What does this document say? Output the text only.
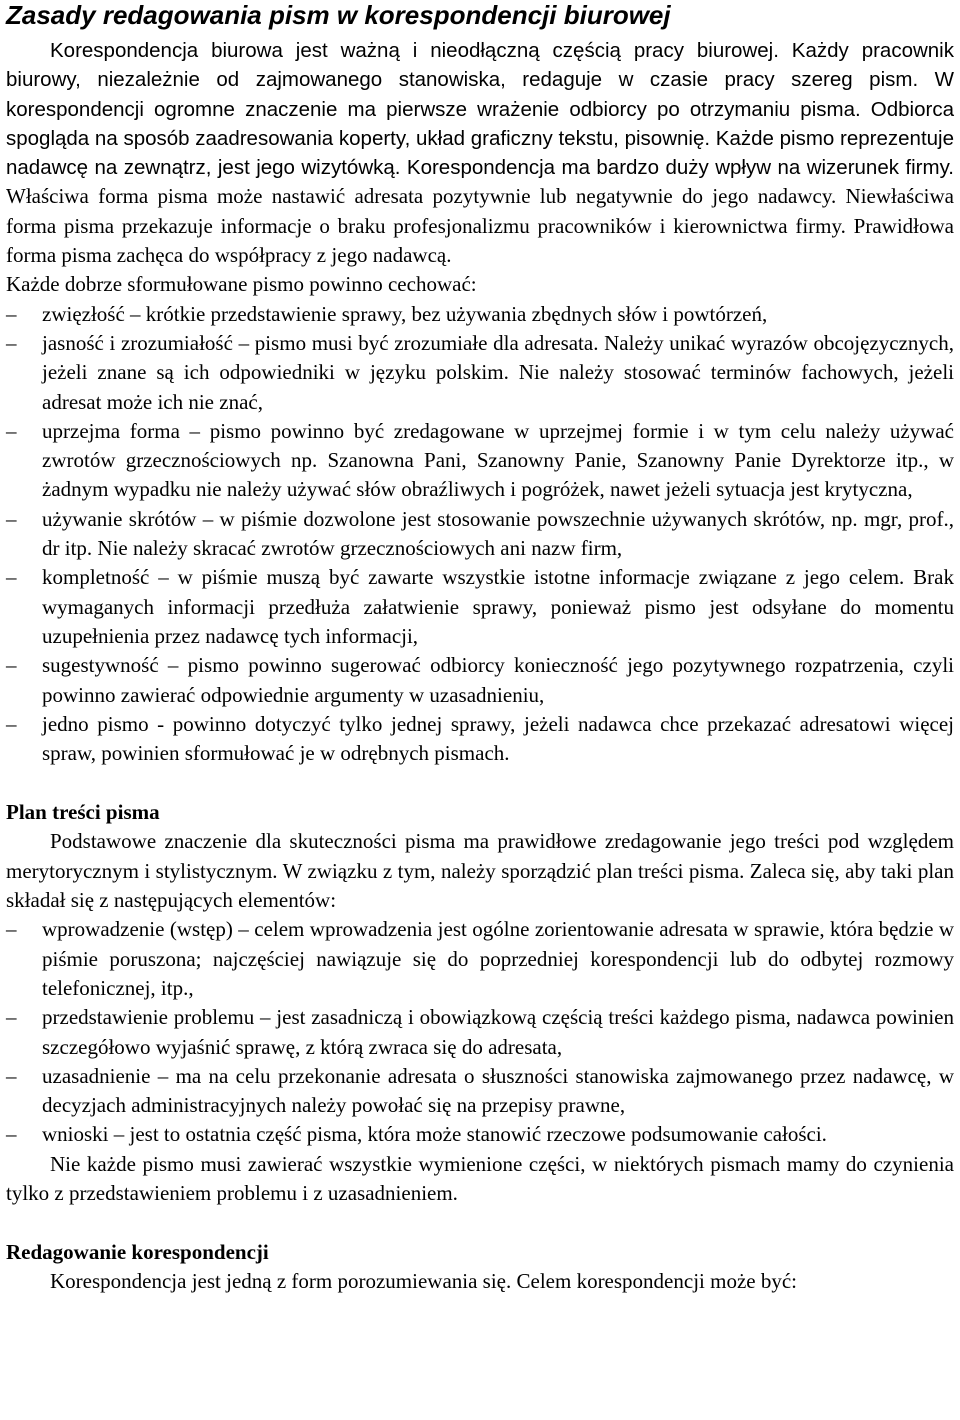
Zasady redagowania pism w korespondencji biurowej

Korespondencja biurowa jest ważną i nieodłączną częścią pracy biurowej. Każdy pracownik biurowy, niezależnie od zajmowanego stanowiska, redaguje w czasie pracy szereg pism. W korespondencji ogromne znaczenie ma pierwsze wrażenie odbiorcy po otrzymaniu pisma. Odbiorca spogląda na sposób zaadresowania koperty, układ graficzny tekstu, pisownię. Każde pismo reprezentuje nadawcę na zewnątrz, jest jego wizytówką. Korespondencja ma bardzo duży wpływ na wizerunek firmy. Właściwa forma pisma może nastawić adresata pozytywnie lub negatywnie do jego nadawcy. Niewłaściwa forma pisma przekazuje informacje o braku profesjonalizmu pracowników i kierownictwa firmy. Prawidłowa forma pisma zachęca do współpracy z jego nadawcą.

Każde dobrze sformułowane pismo powinno cechować:

–	zwięzłość – krótkie przedstawienie sprawy, bez używania zbędnych słów i powtórzeń,
–	jasność i zrozumiałość – pismo musi być zrozumiałe dla adresata. Należy unikać wyrazów obcojęzycznych, jeżeli znane są ich odpowiedniki w języku polskim. Nie należy stosować terminów fachowych, jeżeli adresat może ich nie znać,
–	uprzejma forma – pismo powinno być zredagowane w uprzejmej formie i w tym celu należy używać zwrotów grzecznościowych np. Szanowna Pani, Szanowny Panie, Szanowny Panie Dyrektorze itp., w żadnym wypadku nie należy używać słów obraźliwych i pogróżek, nawet jeżeli sytuacja jest krytyczna,
–	używanie skrótów – w piśmie dozwolone jest stosowanie powszechnie używanych skrótów, np. mgr, prof., dr itp. Nie należy skracać zwrotów grzecznościowych ani nazw firm,
–	kompletność – w piśmie muszą być zawarte wszystkie istotne informacje związane z jego celem. Brak wymaganych informacji przedłuża załatwienie sprawy, ponieważ pismo jest odsyłane do momentu uzupełnienia przez nadawcę tych informacji,
–	sugestywność – pismo powinno sugerować odbiorcy konieczność jego pozytywnego rozpatrzenia, czyli powinno zawierać odpowiednie argumenty w uzasadnieniu,
–	jedno pismo - powinno dotyczyć tylko jednej sprawy, jeżeli nadawca chce przekazać adresatowi więcej spraw, powinien sformułować je w odrębnych pismach.
Plan treści pisma

Podstawowe znaczenie dla skuteczności pisma ma prawidłowe zredagowanie jego treści pod względem merytorycznym i stylistycznym. W związku z tym, należy sporządzić plan treści pisma. Zaleca się, aby taki plan składał się z następujących elementów:

–	wprowadzenie (wstęp) – celem wprowadzenia jest ogólne zorientowanie adresata w sprawie, która będzie w piśmie poruszona; najczęściej nawiązuje się do poprzedniej korespondencji lub do odbytej rozmowy telefonicznej, itp.,
–	przedstawienie problemu – jest zasadniczą i obowiązkową częścią treści każdego pisma, nadawca powinien szczegółowo wyjaśnić sprawę, z którą zwraca się do adresata,
–	uzasadnienie – ma na celu przekonanie adresata o słuszności stanowiska zajmowanego przez nadawcę, w decyzjach administracyjnych należy powołać się na przepisy prawne,
–	wnioski – jest to ostatnia część pisma, która może stanowić rzeczowe podsumowanie całości.

Nie każde pismo musi zawierać wszystkie wymienione części, w niektórych pismach mamy do czynienia tylko z przedstawieniem problemu i z uzasadnieniem.

Redagowanie korespondencji

Korespondencja jest jedną z form porozumiewania się. Celem korespondencji może być:
